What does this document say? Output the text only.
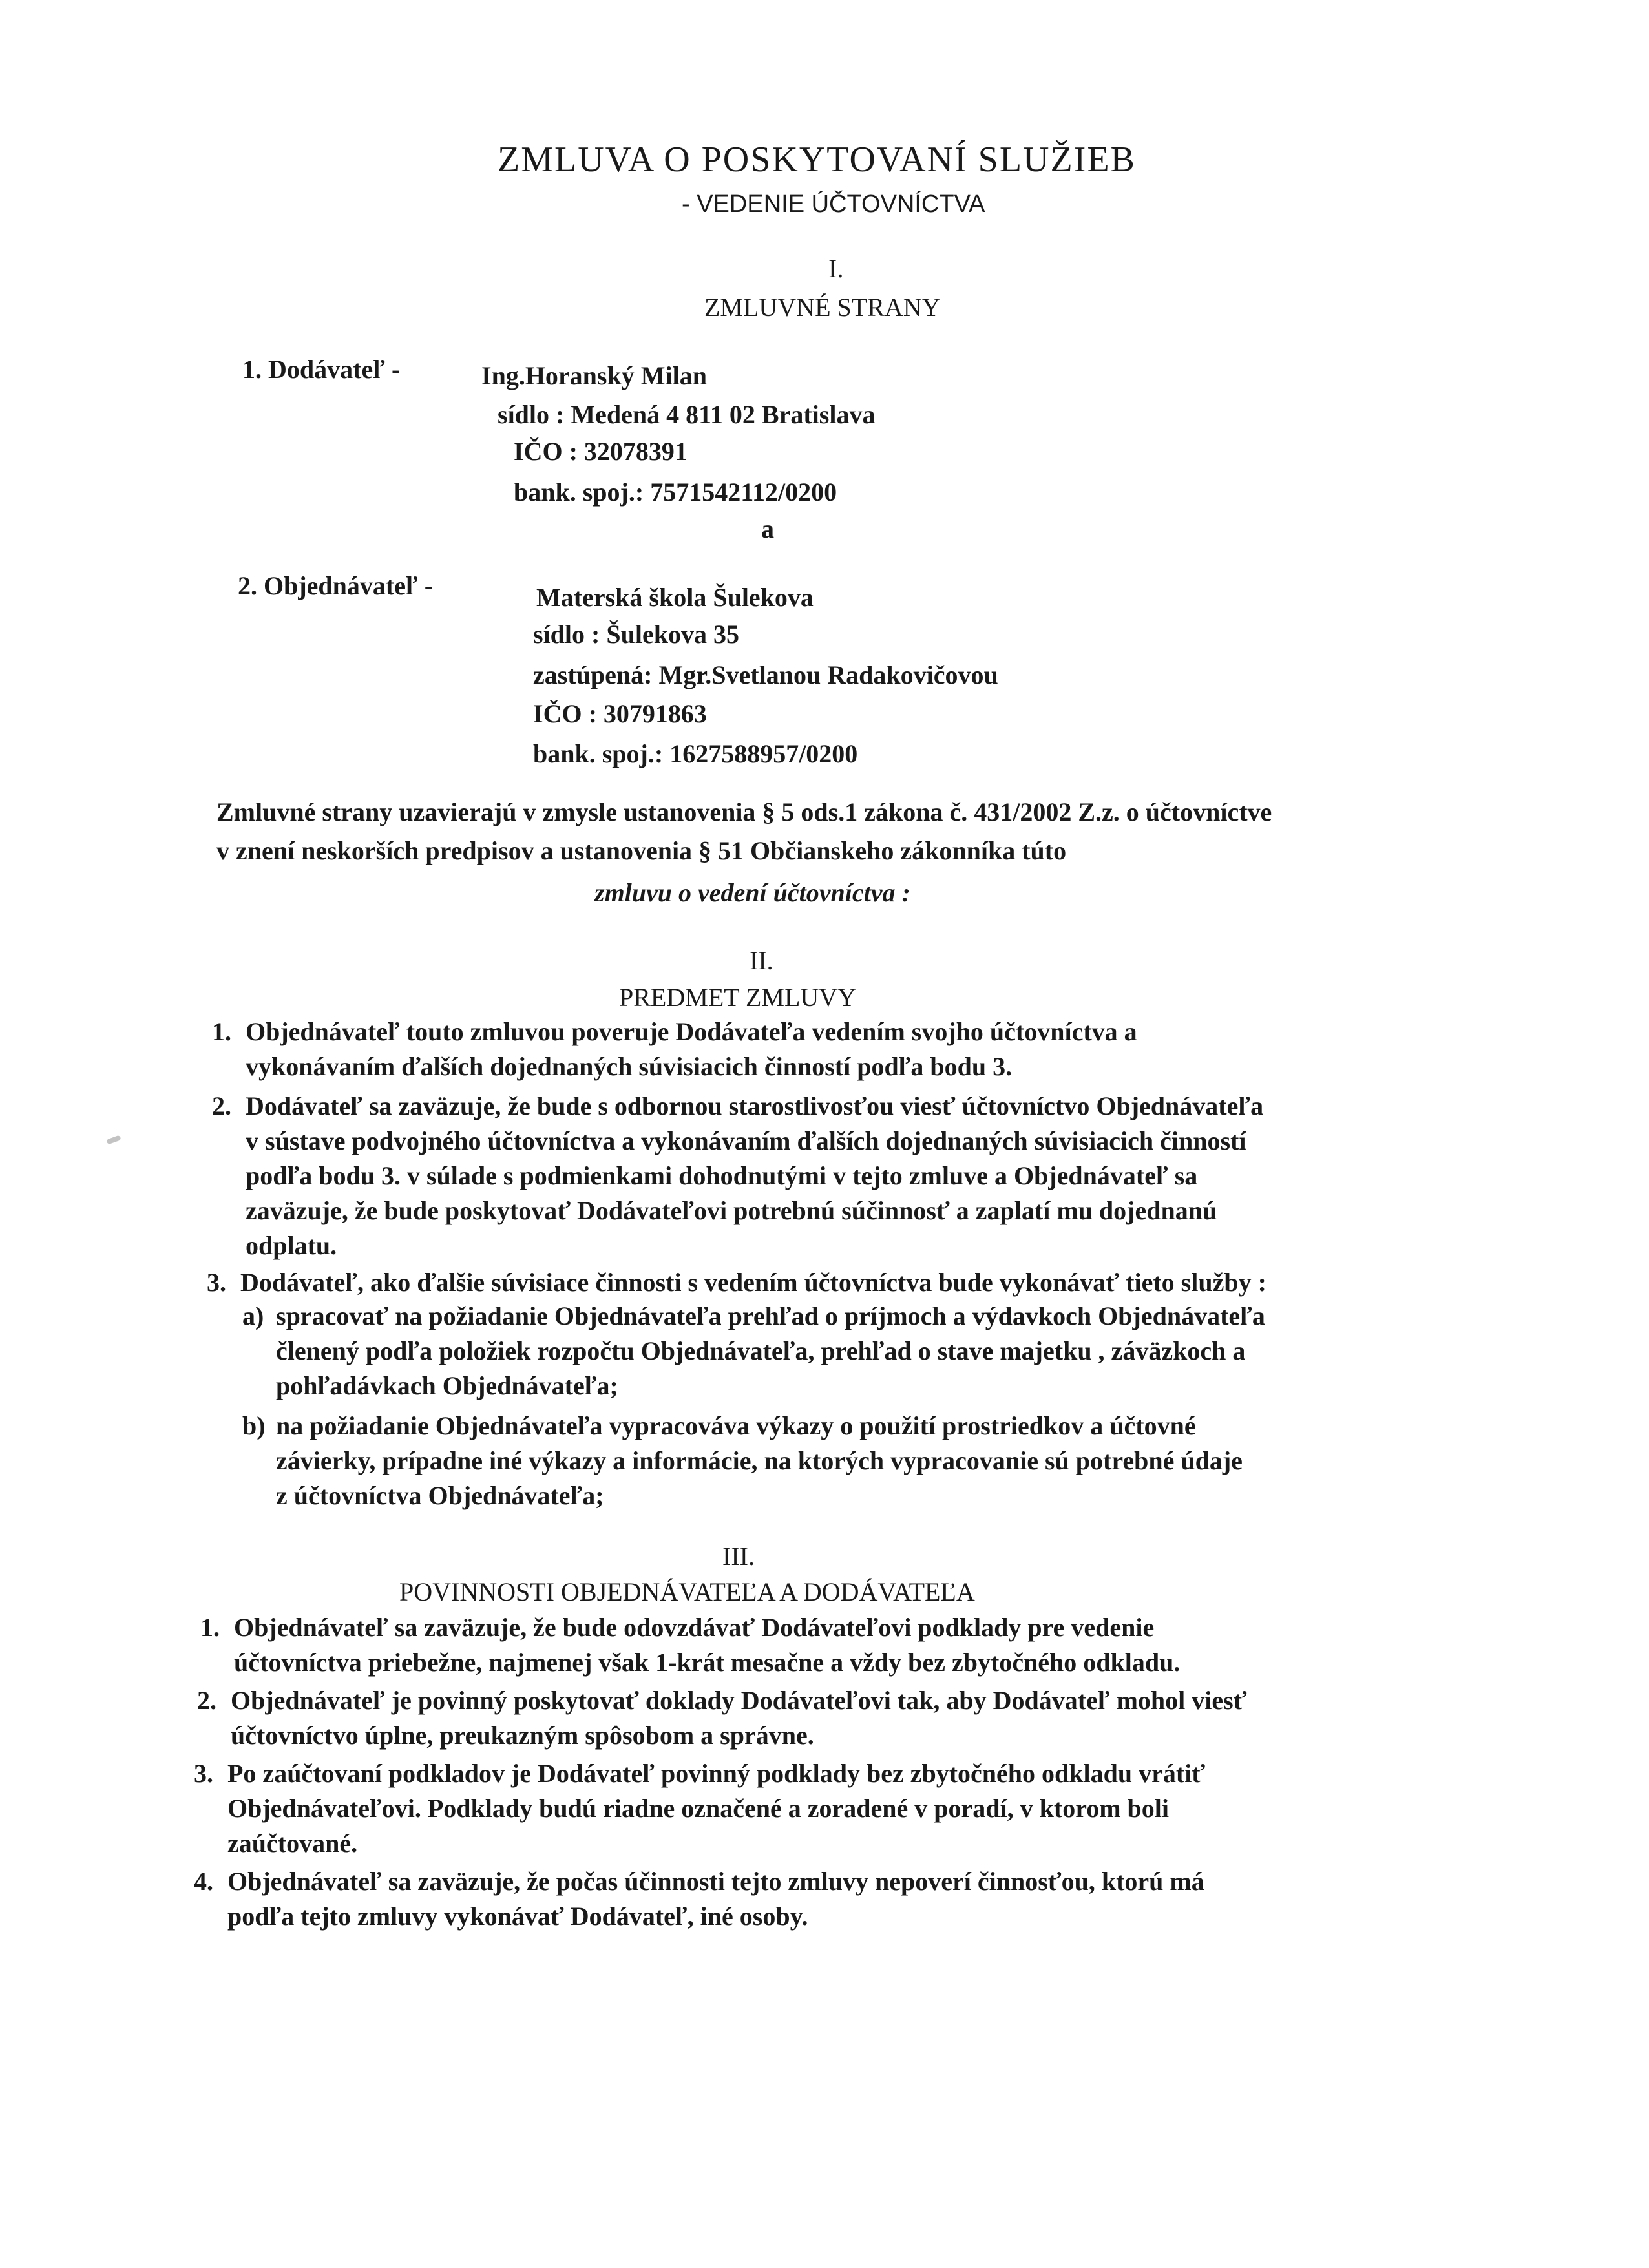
ZMLUVA O POSKYTOVANÍ SLUŽIEB
- VEDENIE ÚČTOVNÍCTVA
I.
ZMLUVNÉ STRANY
1. Dodávateľ -	Ing.Horanský Milan
sídlo : Medená 4 811 02 Bratislava
IČO : 32078391
bank. spoj.: 7571542112/0200
a
2. Objednávateľ -	Materská škola Šulekova
sídlo : Šulekova 35
zastúpená: Mgr.Svetlanou Radakovičovou
IČO : 30791863
bank. spoj.: 1627588957/0200
Zmluvné strany uzavierajú v zmysle ustanovenia § 5 ods.1 zákona č. 431/2002 Z.z. o účtovníctve
v znení neskorších predpisov a ustanovenia § 51 Občianskeho zákonníka túto
zmluvu o vedení účtovníctva :
II.
PREDMET ZMLUVY
1. Objednávateľ touto zmluvou poveruje Dodávateľa vedením svojho účtovníctva a
vykonávaním ďalších dojednaných súvisiacich činností podľa bodu 3.
2. Dodávateľ sa zaväzuje, že bude s odbornou starostlivosťou viesť účtovníctvo Objednávateľa
v sústave podvojného účtovníctva a vykonávaním ďalších dojednaných súvisiacich činností
podľa bodu 3. v súlade s podmienkami dohodnutými v tejto zmluve a Objednávateľ sa
zaväzuje, že bude poskytovať Dodávateľovi potrebnú súčinnosť a zaplatí mu dojednanú
odplatu.
3. Dodávateľ, ako ďalšie súvisiace činnosti s vedením účtovníctva bude vykonávať tieto služby :
a) spracovať na požiadanie Objednávateľa prehľad o príjmoch a výdavkoch Objednávateľa
členený podľa položiek rozpočtu Objednávateľa, prehľad o stave majetku , záväzkoch a
pohľadávkach Objednávateľa;
b) na požiadanie Objednávateľa vypracováva výkazy o použití prostriedkov a účtovné
závierky, prípadne iné výkazy a informácie, na ktorých vypracovanie sú potrebné údaje
z účtovníctva Objednávateľa;
III.
POVINNOSTI OBJEDNÁVATEĽA A DODÁVATEĽA
1. Objednávateľ sa zaväzuje, že bude odovzdávať Dodávateľovi podklady pre vedenie
účtovníctva priebežne, najmenej však 1-krát mesačne a vždy bez zbytočného odkladu.
2. Objednávateľ je povinný poskytovať doklady Dodávateľovi tak, aby Dodávateľ mohol viesť
účtovníctvo úplne, preukazným spôsobom a správne.
3. Po zaúčtovaní podkladov je Dodávateľ povinný podklady bez zbytočného odkladu vrátiť
Objednávateľovi. Podklady budú riadne označené a zoradené v poradí, v ktorom boli
zaúčtované.
4. Objednávateľ sa zaväzuje, že počas účinnosti tejto zmluvy nepoverí činnosťou, ktorú má
podľa tejto zmluvy vykonávať Dodávateľ, iné osoby.
